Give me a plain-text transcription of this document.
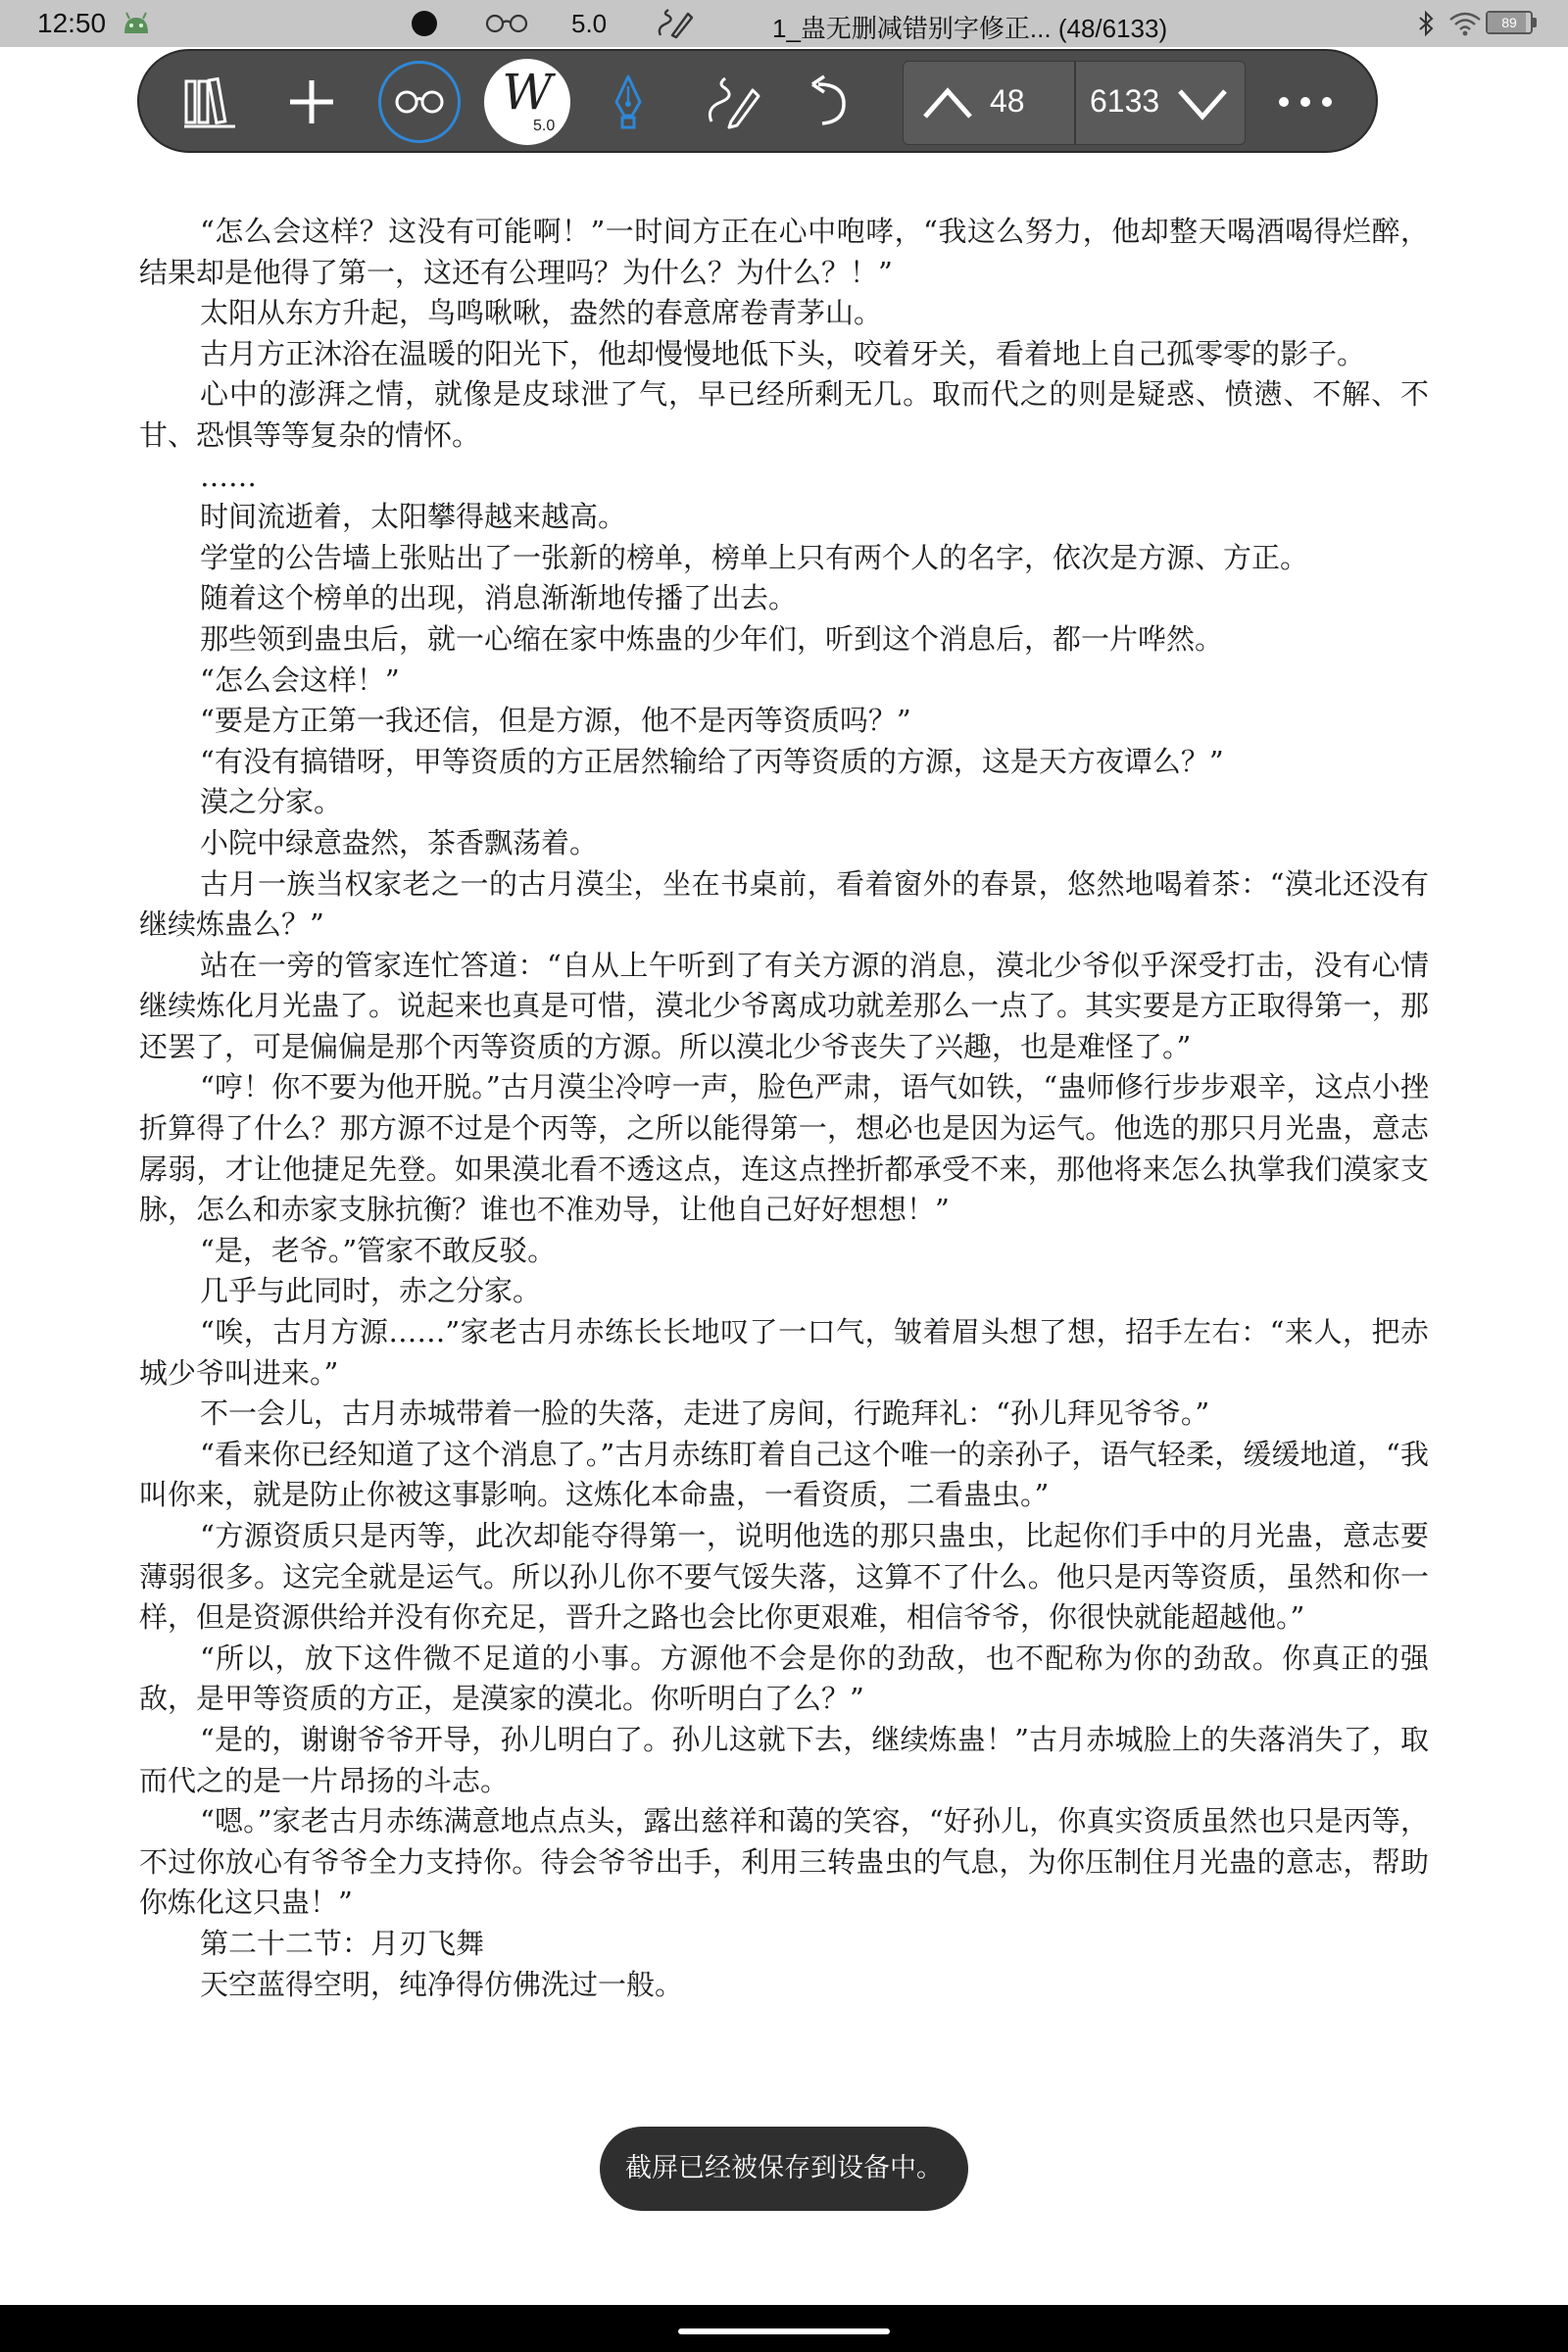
12:50	5.0	1_蛊无删减错别字修正... (48/6133)	89
W
5.0
48 6133

“怎么会这样？这没有可能啊！”一时间方正在心中咆哮，“我这么努力，他却整天喝酒喝得烂醉，结果却是他得了第一，这还有公理吗？为什么？为什么？！”

太阳从东方升起，鸟鸣啾啾，盎然的春意席卷青茅山。

古月方正沐浴在温暖的阳光下，他却慢慢地低下头，咬着牙关，看着地上自己孤零零的影子。

心中的澎湃之情，就像是皮球泄了气，早已经所剩无几。取而代之的则是疑惑、愤懑、不解、不甘、恐惧等等复杂的情怀。

……

时间流逝着，太阳攀得越来越高。

学堂的公告墙上张贴出了一张新的榜单，榜单上只有两个人的名字，依次是方源、方正。

随着这个榜单的出现，消息渐渐地传播了出去。

那些领到蛊虫后，就一心缩在家中炼蛊的少年们，听到这个消息后，都一片哗然。

“怎么会这样！”

“要是方正第一我还信，但是方源，他不是丙等资质吗？”

“有没有搞错呀，甲等资质的方正居然输给了丙等资质的方源，这是天方夜谭么？”

漠之分家。

小院中绿意盎然，茶香飘荡着。

古月一族当权家老之一的古月漠尘，坐在书桌前，看着窗外的春景，悠然地喝着茶：“漠北还没有继续炼蛊么？”

站在一旁的管家连忙答道：“自从上午听到了有关方源的消息，漠北少爷似乎深受打击，没有心情继续炼化月光蛊了。说起来也真是可惜，漠北少爷离成功就差那么一点了。其实要是方正取得第一，那还罢了，可是偏偏是那个丙等资质的方源。所以漠北少爷丧失了兴趣，也是难怪了。”

“哼！你不要为他开脱。”古月漠尘冷哼一声，脸色严肃，语气如铁，“蛊师修行步步艰辛，这点小挫折算得了什么？那方源不过是个丙等，之所以能得第一，想必也是因为运气。他选的那只月光蛊，意志孱弱，才让他捷足先登。如果漠北看不透这点，连这点挫折都承受不来，那他将来怎么执掌我们漠家支脉，怎么和赤家支脉抗衡？谁也不准劝导，让他自己好好想想！”

“是，老爷。”管家不敢反驳。

几乎与此同时，赤之分家。

“唉，古月方源……”家老古月赤练长长地叹了一口气，皱着眉头想了想，招手左右：“来人，把赤城少爷叫进来。”

不一会儿，古月赤城带着一脸的失落，走进了房间，行跪拜礼：“孙儿拜见爷爷。”

“看来你已经知道了这个消息了。”古月赤练盯着自己这个唯一的亲孙子，语气轻柔，缓缓地道，“我叫你来，就是防止你被这事影响。这炼化本命蛊，一看资质，二看蛊虫。”

“方源资质只是丙等，此次却能夺得第一，说明他选的那只蛊虫，比起你们手中的月光蛊，意志要薄弱很多。这完全就是运气。所以孙儿你不要气馁失落，这算不了什么。他只是丙等资质，虽然和你一样，但是资源供给并没有你充足，晋升之路也会比你更艰难，相信爷爷，你很快就能超越他。”

“所以，放下这件微不足道的小事。方源他不会是你的劲敌，也不配称为你的劲敌。你真正的强敌，是甲等资质的方正，是漠家的漠北。你听明白了么？”

“是的，谢谢爷爷开导，孙儿明白了。孙儿这就下去，继续炼蛊！”古月赤城脸上的失落消失了，取而代之的是一片昂扬的斗志。

“嗯。”家老古月赤练满意地点点头，露出慈祥和蔼的笑容，“好孙儿，你真实资质虽然也只是丙等，不过你放心有爷爷全力支持你。待会爷爷出手，利用三转蛊虫的气息，为你压制住月光蛊的意志，帮助你炼化这只蛊！”

第二十二节：月刃飞舞

天空蓝得空明，纯净得仿佛洗过一般。

截屏已经被保存到设备中。
